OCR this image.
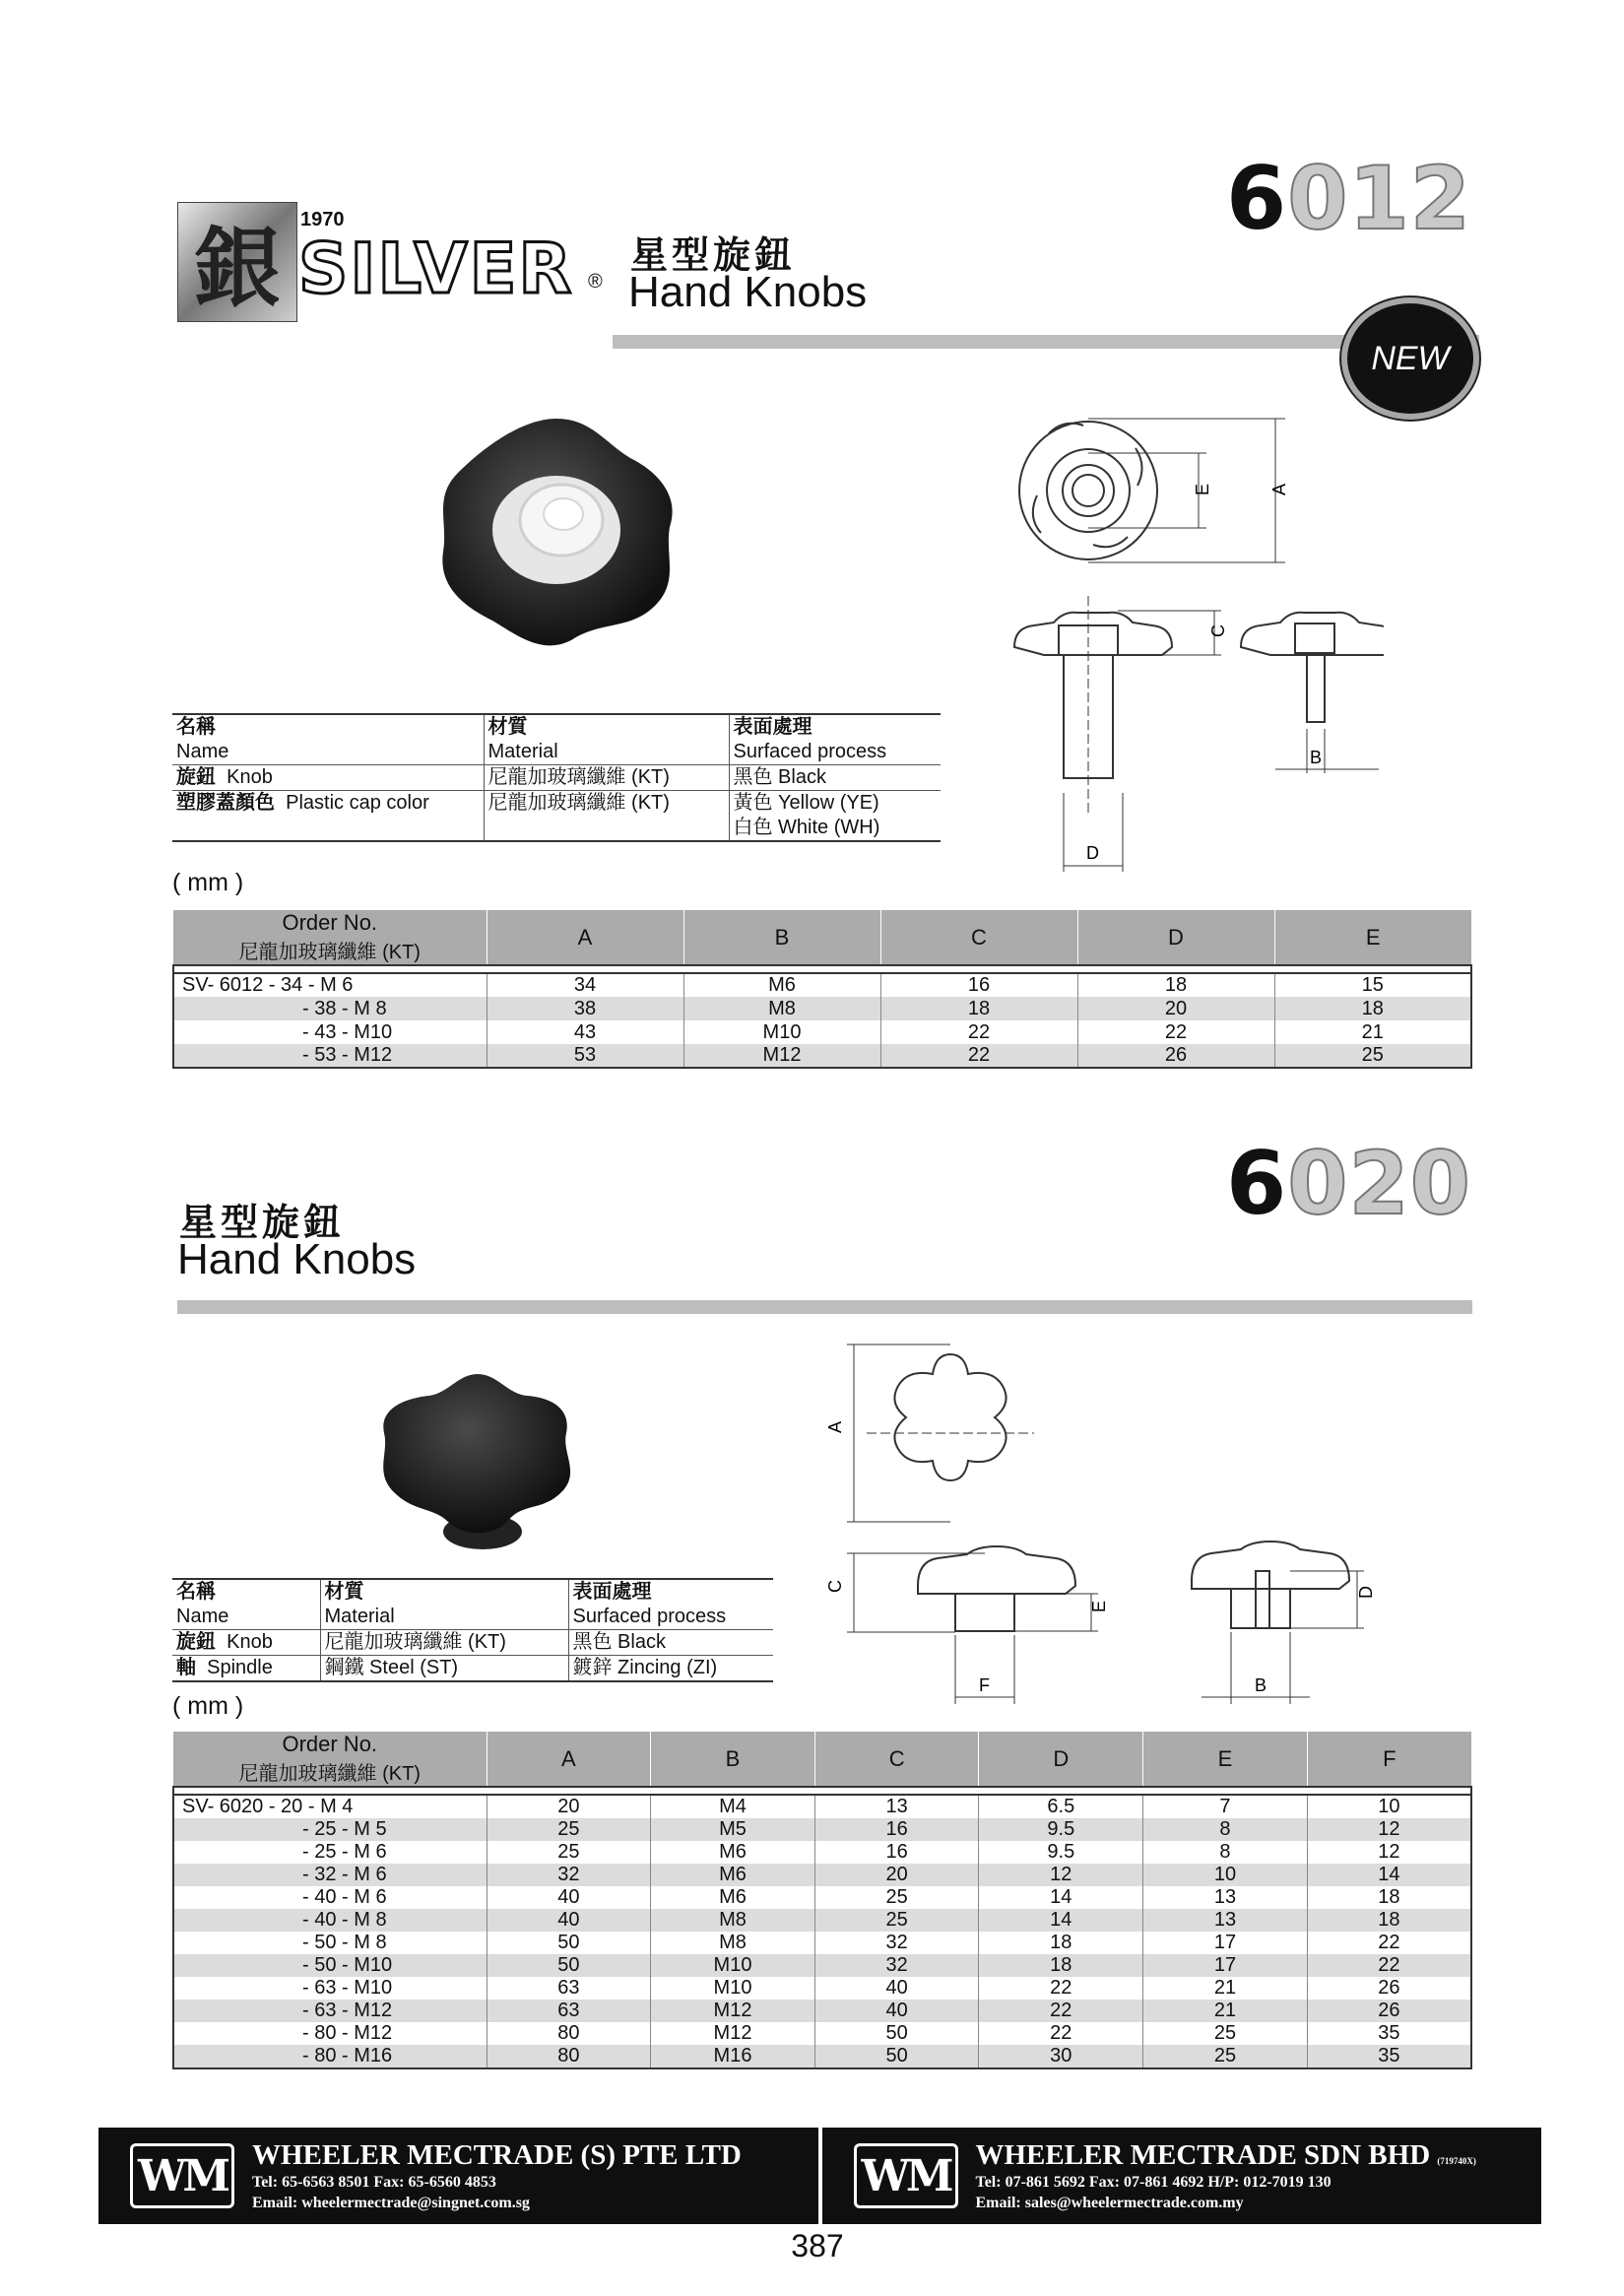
銀	1970
SILVER ®
星型旋鈕
Hand Knobs
6012
NEW
A
E
C
D
B
名稱	材質	表面處理
Name	Material	Surfaced process
旋鈕 Knob	尼龍加玻璃纖維 (KT)	黑色 Black
塑膠蓋顏色 Plastic cap color	尼龍加玻璃纖維 (KT)	黃色 Yellow (YE)
		白色 White (WH)
( mm )
Order No.
尼龍加玻璃纖維 (KT)	A	B	C	D	E

SV- 6012 - 34 - M 6	34	M6	16	18	15
- 38 - M 8	38	M8	18	20	18
- 43 - M10	43	M10	22	22	21
- 53 - M12	53	M12	22	26	25
星型旋鈕
Hand Knobs
6020
A
C
E
F
D
B
名稱	材質	表面處理
Name	Material	Surfaced process
旋鈕 Knob	尼龍加玻璃纖維 (KT)	黑色 Black
軸 Spindle	鋼鐵 Steel (ST)	鍍鋅 Zincing (ZI)
( mm )
Order No.
尼龍加玻璃纖維 (KT)	A	B	C	D	E	F

SV- 6020 - 20 - M 4	20	M4	13	6.5	7	10
- 25 - M 5	25	M5	16	9.5	8	12
- 25 - M 6	25	M6	16	9.5	8	12
- 32 - M 6	32	M6	20	12	10	14
- 40 - M 6	40	M6	25	14	13	18
- 40 - M 8	40	M8	25	14	13	18
- 50 - M 8	50	M8	32	18	17	22
- 50 - M10	50	M10	32	18	17	22
- 63 - M10	63	M10	40	22	21	26
- 63 - M12	63	M12	40	22	21	26
- 80 - M12	80	M12	50	22	25	35
- 80 - M16	80	M16	50	30	25	35
WM WHEELER MECTRADE (S) PTE LTD
Tel: 65-6563 8501 Fax: 65-6560 4853
Email: wheelermectrade@singnet.com.sg
WM WHEELER MECTRADE SDN BHD (719740X)
Tel: 07-861 5692 Fax: 07-861 4692 H/P: 012-7019 130
Email: sales@wheelermectrade.com.my
387
